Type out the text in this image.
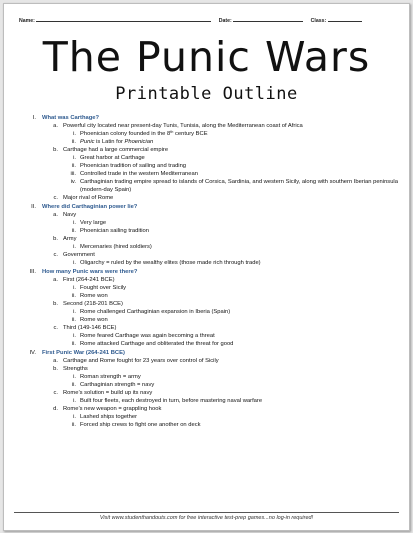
Name:	Date:	Class:
The Punic Wars
Printable Outline
I. What was Carthage?
a. Powerful city located near present-day Tunis, Tunisia, along the Mediterranean coast of Africa
i. Phoenician colony founded in the 8th century BCE
ii. Punic is Latin for Phoenician
b. Carthage had a large commercial empire
i. Great harbor at Carthage
ii. Phoenician tradition of sailing and trading
iii. Controlled trade in the western Mediterranean
iv. Carthaginian trading empire spread to islands of Corsica, Sardinia, and western Sicily, along with southern Iberian peninsula (modern-day Spain)
c. Major rival of Rome
II. Where did Carthaginian power lie?
a. Navy
i. Very large
ii. Phoenician sailing tradition
b. Army
i. Mercenaries (hired soldiers)
c. Government
i. Oligarchy = ruled by the wealthy elites (those made rich through trade)
III. How many Punic wars were there?
a. First (264-241 BCE)
i. Fought over Sicily
ii. Rome won
b. Second (218-201 BCE)
i. Rome challenged Carthaginian expansion in Iberia (Spain)
ii. Rome won
c. Third (149-146 BCE)
i. Rome feared Carthage was again becoming a threat
ii. Rome attacked Carthage and obliterated the threat for good
IV. First Punic War (264-241 BCE)
a. Carthage and Rome fought for 23 years over control of Sicily
b. Strengths
i. Roman strength = army
ii. Carthaginian strength = navy
c. Rome’s solution = build up its navy
i. Built four fleets, each destroyed in turn, before mastering naval warfare
d. Rome’s new weapon = grappling hook
i. Lashed ships together
ii. Forced ship crews to fight one another on deck
Visit www.studenthandouts.com for free interactive test-prep games...no log-in required!
